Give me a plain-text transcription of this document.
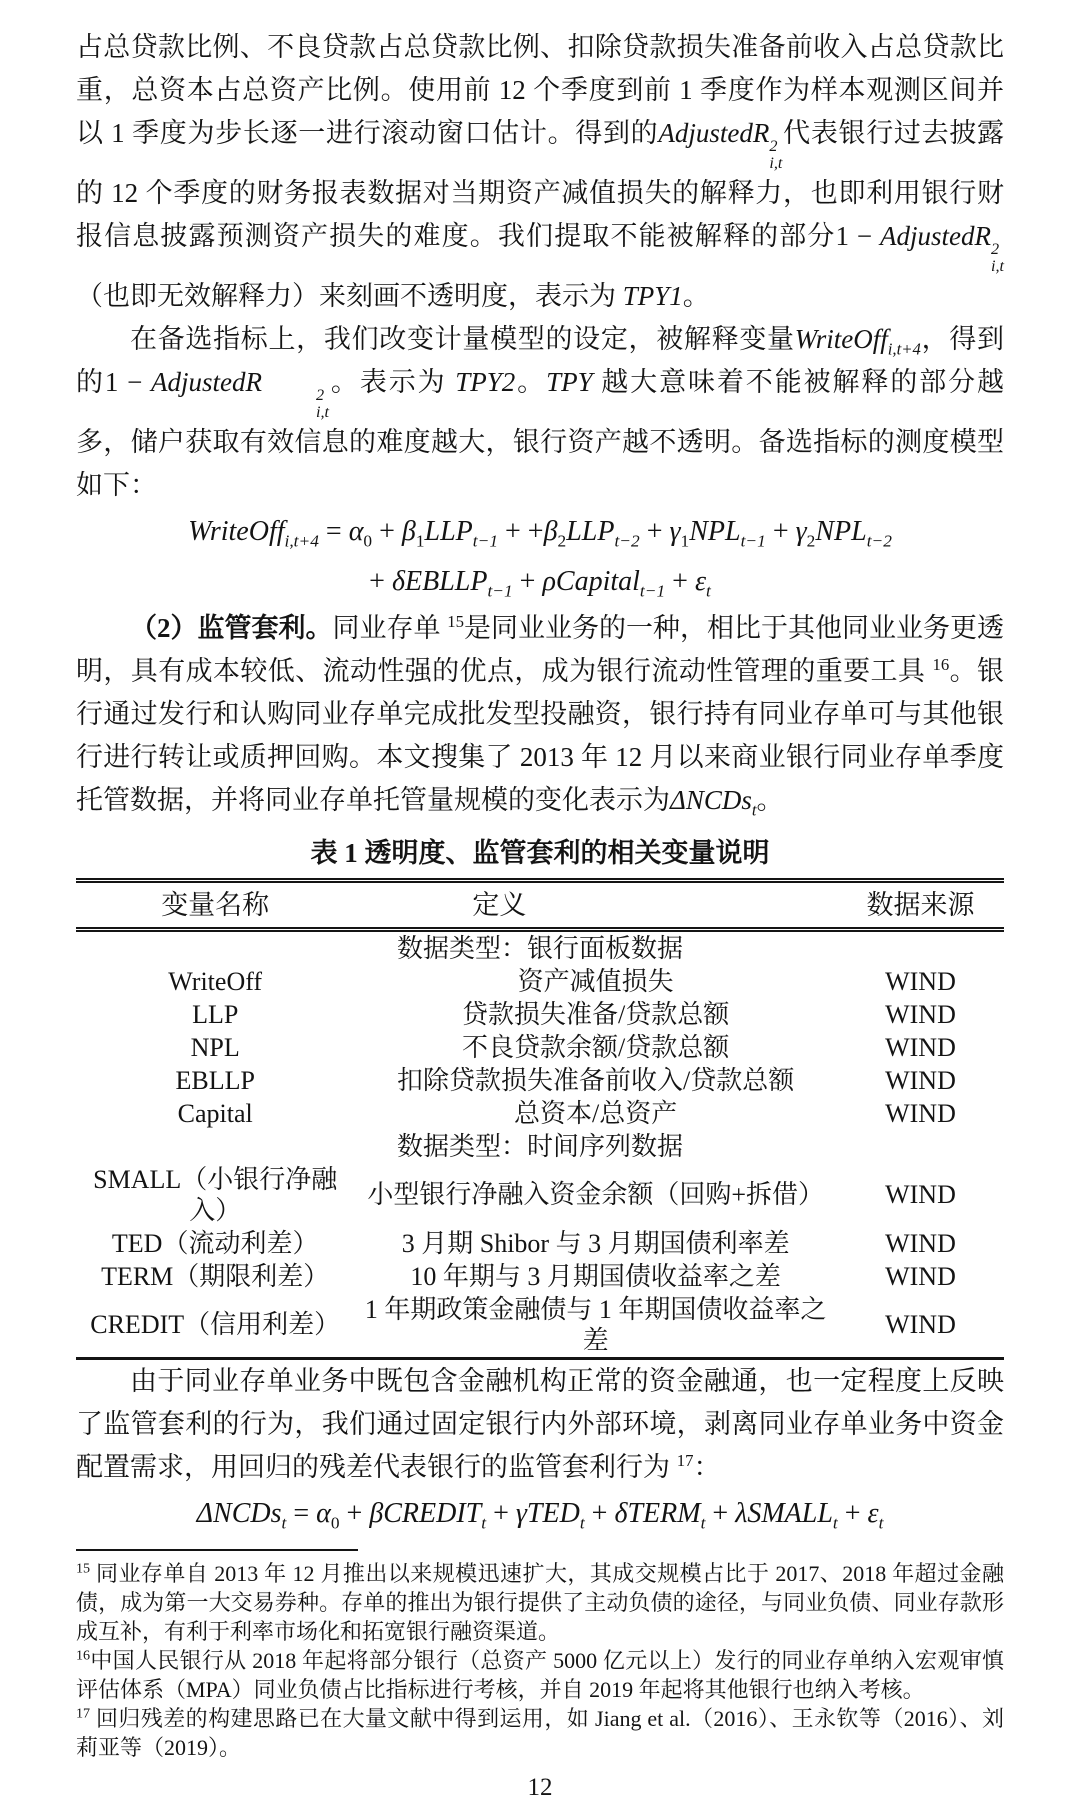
占总贷款比例、不良贷款占总贷款比例、扣除贷款损失准备前收入占总贷款比重，总资本占总资产比例。使用前 12 个季度到前 1 季度作为样本观测区间并以 1 季度为步长逐一进行滚动窗口估计。得到的AdjustedR 2
i,t
代表银行过去披露的 12 个季度的财务报表数据对当期资产减值损失的解释力，也即利用银行财报信息披露预测资产损失的难度。我们提取不能被解释的部分1 − AdjustedR 2
i,t
（也即无效解释力）来刻画不透明度，表示为 TPY1。

在备选指标上，我们改变计量模型的设定，被解释变量WriteOff$_{i,t+4}$，得到的1 − AdjustedR	2
i,t
。表示为 TPY2。TPY 越大意味着不能被解释的部分越多，储户获取有效信息的难度越大，银行资产越不透明。备选指标的测度模型如下：

WriteOff$_{i,t+4}$ = $\alpha_0 + \beta_1LLP_{t-1} + +\beta_2LLP_{t-2} + \gamma_1NPL_{t-1} + \gamma_2NPL_{t-2}$
+ δEBLLP$_{t-1}$ + ρCapital$_{t-1}$ + $\varepsilon_t$

（2）监管套利。同业存单 $^{15}$是同业业务的一种，相比于其他同业业务更透明，具有成本较低、流动性强的优点，成为银行流动性管理的重要工具 $^{16}$。银行通过发行和认购同业存单完成批发型投融资，银行持有同业存单可与其他银行进行转让或质押回购。本文搜集了 2013 年 12 月以来商业银行同业存单季度托管数据，并将同业存单托管量规模的变化表示为ΔNCDs$_t$。

表 1 透明度、监管套利的相关变量说明

变量名称	定义	数据来源
数据类型：银行面板数据		
WriteOff	资产减值损失	WIND
LLP	贷款损失准备/贷款总额	WIND
NPL	不良贷款余额/贷款总额	WIND
EBLLP	扣除贷款损失准备前收入/贷款总额	WIND
Capital	总资本/总资产	WIND
数据类型：时间序列数据		
SMALL（小银行净融入）	小型银行净融入资金余额（回购+拆借）	WIND
TED（流动利差）	3 月期 Shibor 与 3 月期国债利率差	WIND
TERM（期限利差）	10 年期与 3 月期国债收益率之差	WIND
CREDIT（信用利差）	1 年期政策金融债与 1 年期国债收益率之差	WIND

由于同业存单业务中既包含金融机构正常的资金融通，也一定程度上反映了监管套利的行为，我们通过固定银行内外部环境，剥离同业存单业务中资金配置需求，用回归的残差代表银行的监管套利行为 $^{17}$：

ΔNCDs$_t$ = $\alpha_0$ + βCREDIT$_t$ + γTED$_t$ + δTERM$_t$ + λSMALL$_t$ + $\varepsilon_t$

$^{15}$ 同业存单自 2013 年 12 月推出以来规模迅速扩大，其成交规模占比于 2017、2018 年超过金融债，成为第一大交易券种。存单的推出为银行提供了主动负债的途径，与同业负债、同业存款形成互补，有利于利率市场化和拓宽银行融资渠道。

$^{16}$中国人民银行从 2018 年起将部分银行（总资产 5000 亿元以上）发行的同业存单纳入宏观审慎评估体系（MPA）同业负债占比指标进行考核，并自 2019 年起将其他银行也纳入考核。

$^{17}$ 回归残差的构建思路已在大量文献中得到运用，如 Jiang et al.（2016）、王永钦等（2016）、刘莉亚等（2019）。

12
